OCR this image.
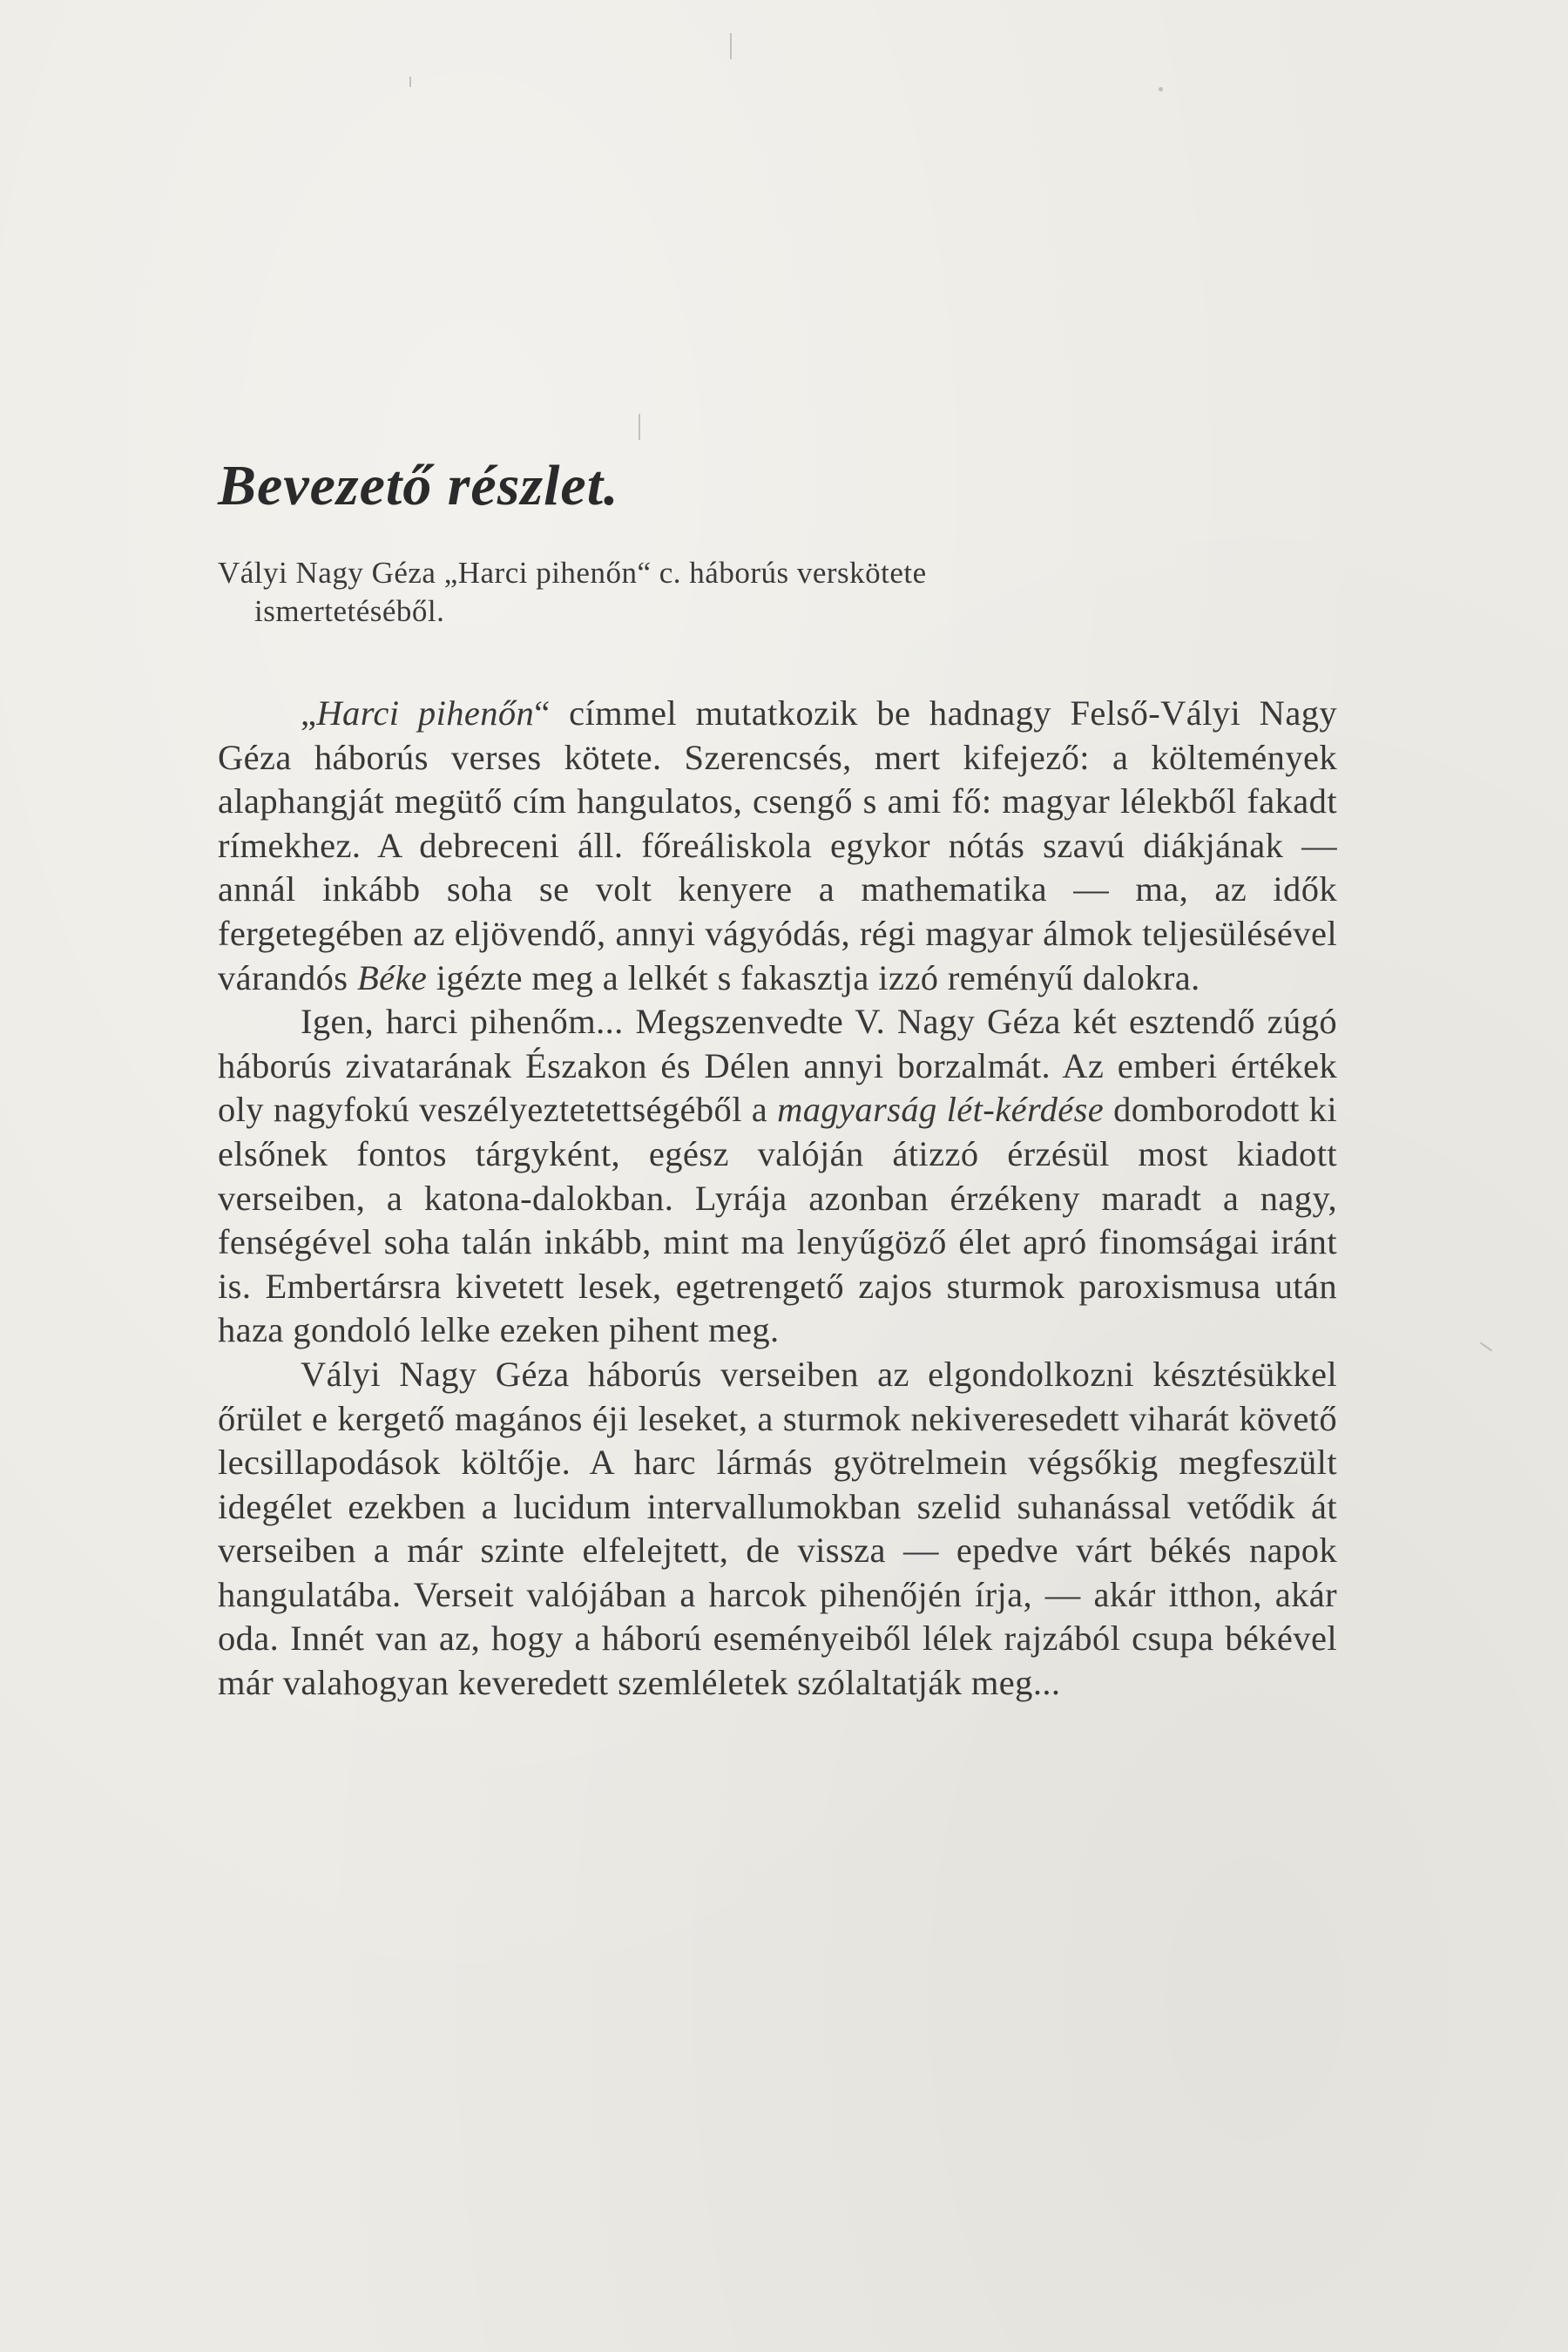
Bevezető részlet.
Vályi Nagy Géza „Harci pihenőn“ c. háborús verskötete
ismertetéséből.

„Harci pihenőn“ címmel mutatkozik be hadnagy Felső-Vályi Nagy Géza háborús verses kötete. Szerencsés, mert kifejező: a költemények alaphangját megütő cím hangulatos, csengő s ami fő: magyar lélekből fakadt rímekhez. A debreceni áll. főreáliskola egykor nótás szavú diákjának — annál inkább soha se volt kenyere a mathematika — ma, az idők fergetegében az eljövendő, annyi vágyódás, régi magyar álmok teljesülésével várandós Béke igézte meg a lelkét s fakasztja izzó reményű dalokra.

Igen, harci pihenőm... Megszenvedte V. Nagy Géza két esztendő zúgó háborús zivatarának Északon és Délen annyi borzalmát. Az emberi értékek oly nagyfokú veszélyeztetettségéből a magyarság lét-kérdése domborodott ki elsőnek fontos tárgyként, egész valóján átizzó érzésül most kiadott verseiben, a katona-dalokban. Lyrája azonban érzékeny maradt a nagy, fenségével soha talán inkább, mint ma lenyűgöző élet apró finomságai iránt is. Embertársra kivetett lesek, egetrengető zajos sturmok paroxismusa után haza gondoló lelke ezeken pihent meg.

Vályi Nagy Géza háborús verseiben az elgondolkozni késztésükkel őrület e kergető magános éji leseket, a sturmok nekiveresedett viharát követő lecsillapodások költője. A harc lármás gyötrelmein végsőkig megfeszült idegélet ezekben a lucidum intervallumokban szelid suhanással vetődik át verseiben a már szinte elfelejtett, de vissza — epedve várt békés napok hangulatába. Verseit valójában a harcok pihenőjén írja, — akár itthon, akár oda. Innét van az, hogy a háború eseményeiből lélek rajzából csupa békével már valahogyan keveredett szemléletek szólaltatják meg...
